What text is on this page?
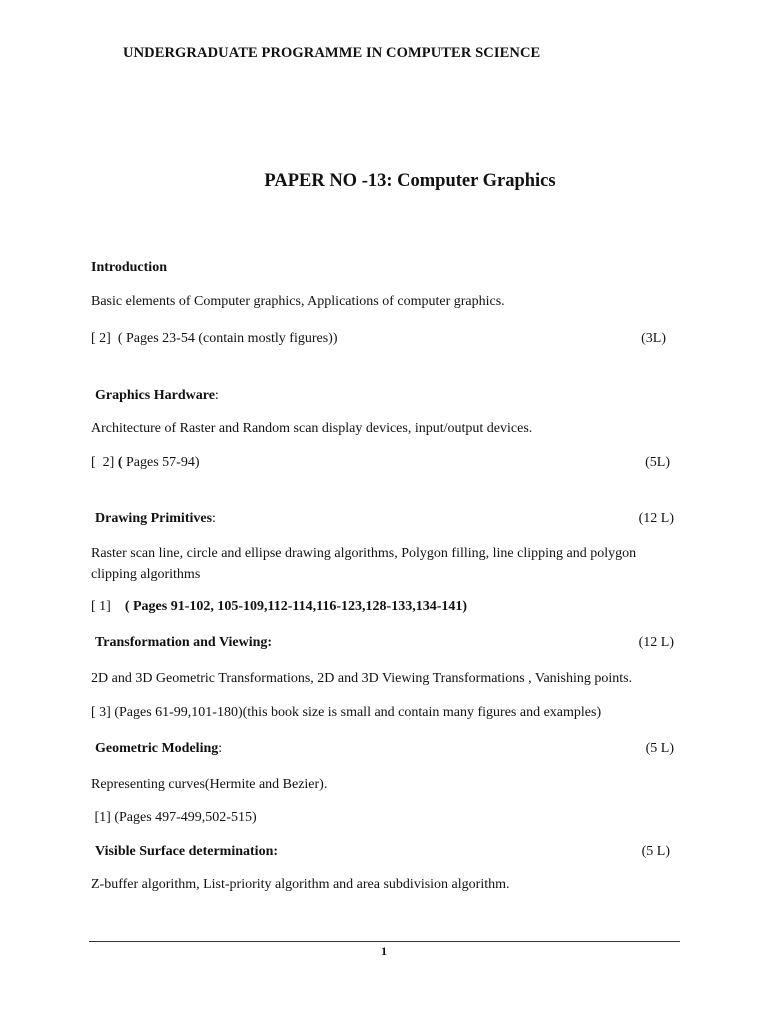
UNDERGRADUATE PROGRAMME IN COMPUTER SCIENCE
PAPER NO -13: Computer Graphics
Introduction
Basic elements of Computer graphics, Applications of computer graphics.
[ 2]  ( Pages 23-54 (contain mostly figures))	(3L)
Graphics Hardware:
Architecture of Raster and Random scan display devices, input/output devices.
[  2] ( Pages 57-94)	(5L)
Drawing Primitives:	(12 L)
Raster scan line, circle and ellipse drawing algorithms, Polygon filling, line clipping and polygon clipping algorithms
[ 1]    ( Pages 91-102, 105-109,112-114,116-123,128-133,134-141)
Transformation and Viewing:	(12 L)
2D and 3D Geometric Transformations, 2D and 3D Viewing Transformations , Vanishing points.
[ 3] (Pages 61-99,101-180)(this book size is small and contain many figures and examples)
Geometric Modeling:	(5 L)
Representing curves(Hermite and Bezier).
[1] (Pages 497-499,502-515)
Visible Surface determination:	(5 L)
Z-buffer algorithm, List-priority algorithm and area subdivision algorithm.
1
